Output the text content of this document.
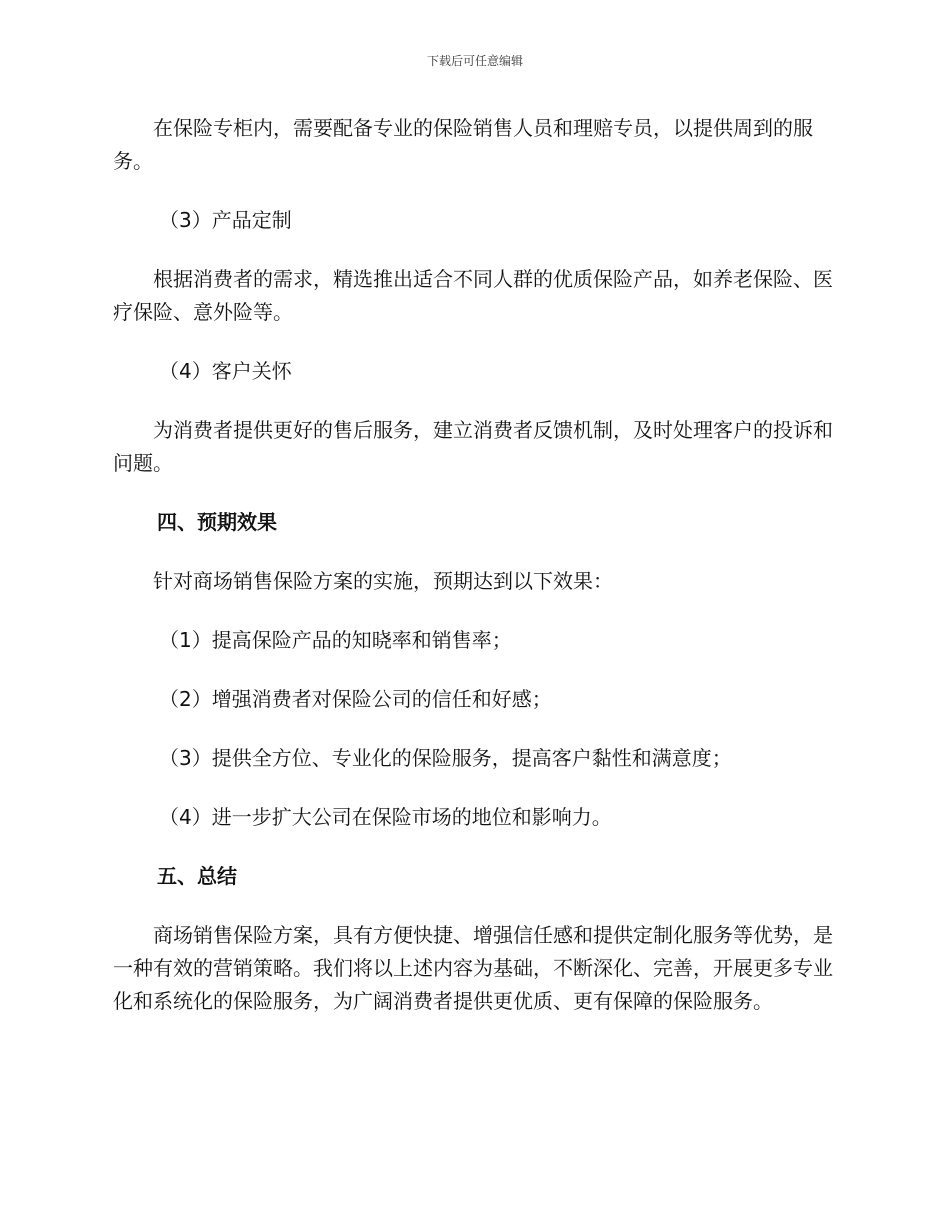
下载后可任意编辑

在保险专柜内，需要配备专业的保险销售人员和理赔专员，以提供周到的服务。

（3）产品定制

根据消费者的需求，精选推出适合不同人群的优质保险产品，如养老保险、医疗保险、意外险等。

（4）客户关怀

为消费者提供更好的售后服务，建立消费者反馈机制，及时处理客户的投诉和问题。

四、预期效果

针对商场销售保险方案的实施，预期达到以下效果：

（1）提高保险产品的知晓率和销售率；

（2）增强消费者对保险公司的信任和好感；

（3）提供全方位、专业化的保险服务，提高客户黏性和满意度；

（4）进一步扩大公司在保险市场的地位和影响力。

五、总结

商场销售保险方案，具有方便快捷、增强信任感和提供定制化服务等优势，是一种有效的营销策略。我们将以上述内容为基础，不断深化、完善，开展更多专业化和系统化的保险服务，为广阔消费者提供更优质、更有保障的保险服务。
